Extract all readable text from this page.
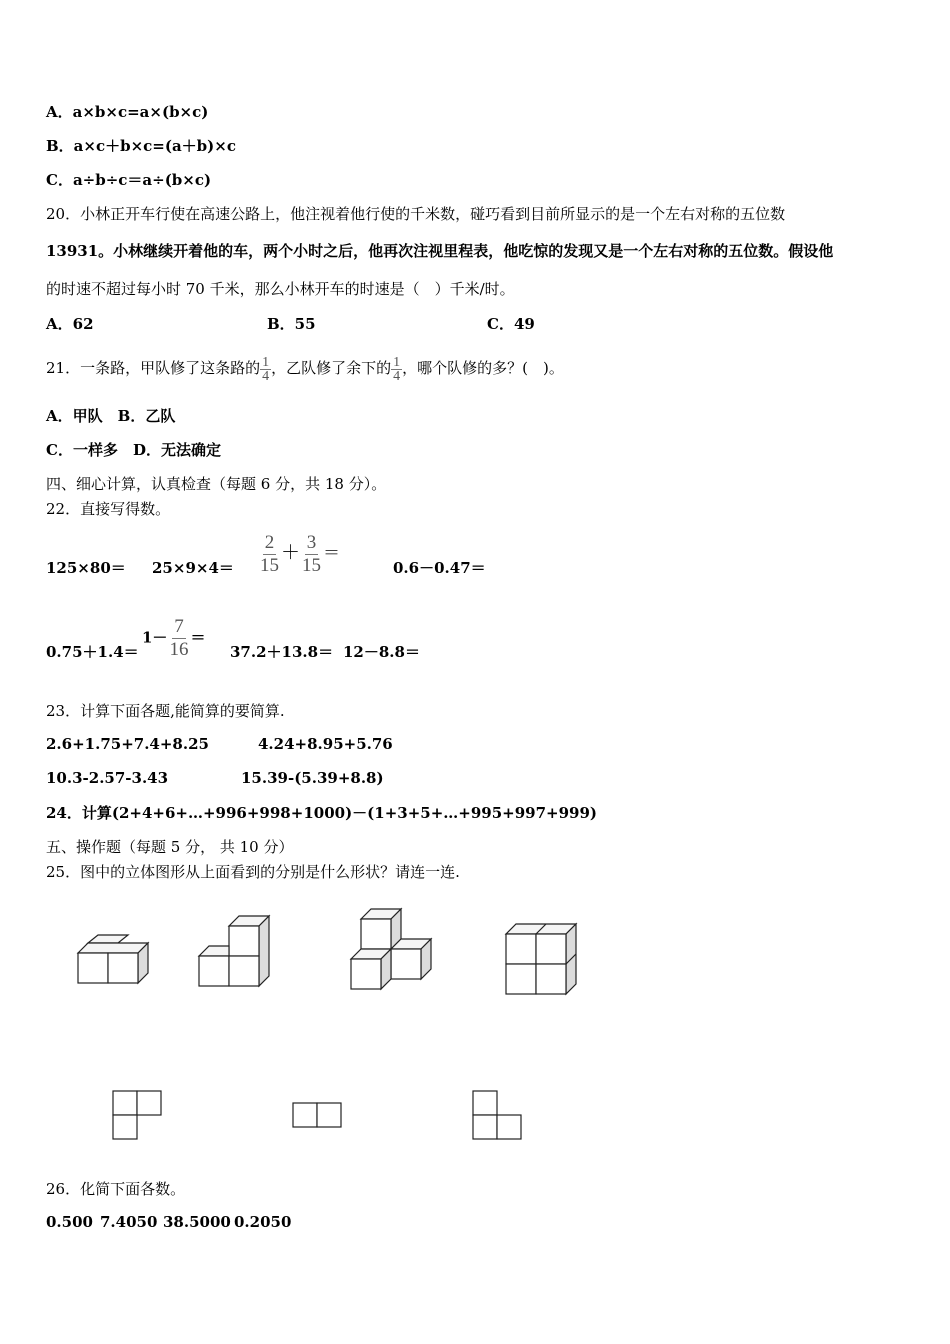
A．a×b×c=a×(b×c)
B．a×c＋b×c=(a＋b)×c
C．a÷b÷c＝a÷(b×c)
20．小林正开车行使在高速公路上，他注视着他行使的千米数，碰巧看到目前所显示的是一个左右对称的五位数
13931。小林继续开着他的车，两个小时之后，他再次注视里程表，他吃惊的发现又是一个左右对称的五位数。假设他
的时速不超过每小时 70 千米，那么小林开车的时速是（　）千米/时。
A．62	B．55	C．49
21．一条路，甲队修了这条路的 $\frac{1}{4}$ ，乙队修了余下的 $\frac{1}{4}$ ，哪个队修的多？(　)。
A．甲队　B．乙队
C．一样多　D．无法确定
四、细心计算，认真检查（每题 6 分，共 18 分）。
22．直接写得数。
$125\times 80= 25\times 9\times 4= \frac{2}{15} + \frac{3}{15}$ ＝
0.6－0.47＝
0.75＋1.4＝
$1- \frac{7}{16}$ ＝
37.2＋13.8＝ 12－8.8＝
23．计算下面各题,能简算的要简算.
2.6+1.75+7.4+8.25	4.24+8.95+5.76
10.3-2.57-3.43	15.39-(5.39+8.8)
24．计算(2+4+6+…+996+998+1000)－(1+3+5+…+995+997+999)
五、操作题（每题 5 分， 共 10 分）
25．图中的立体图形从上面看到的分别是什么形状？请连一连.
26．化简下面各数。
0.500 7.4050 38.5000 0.2050
